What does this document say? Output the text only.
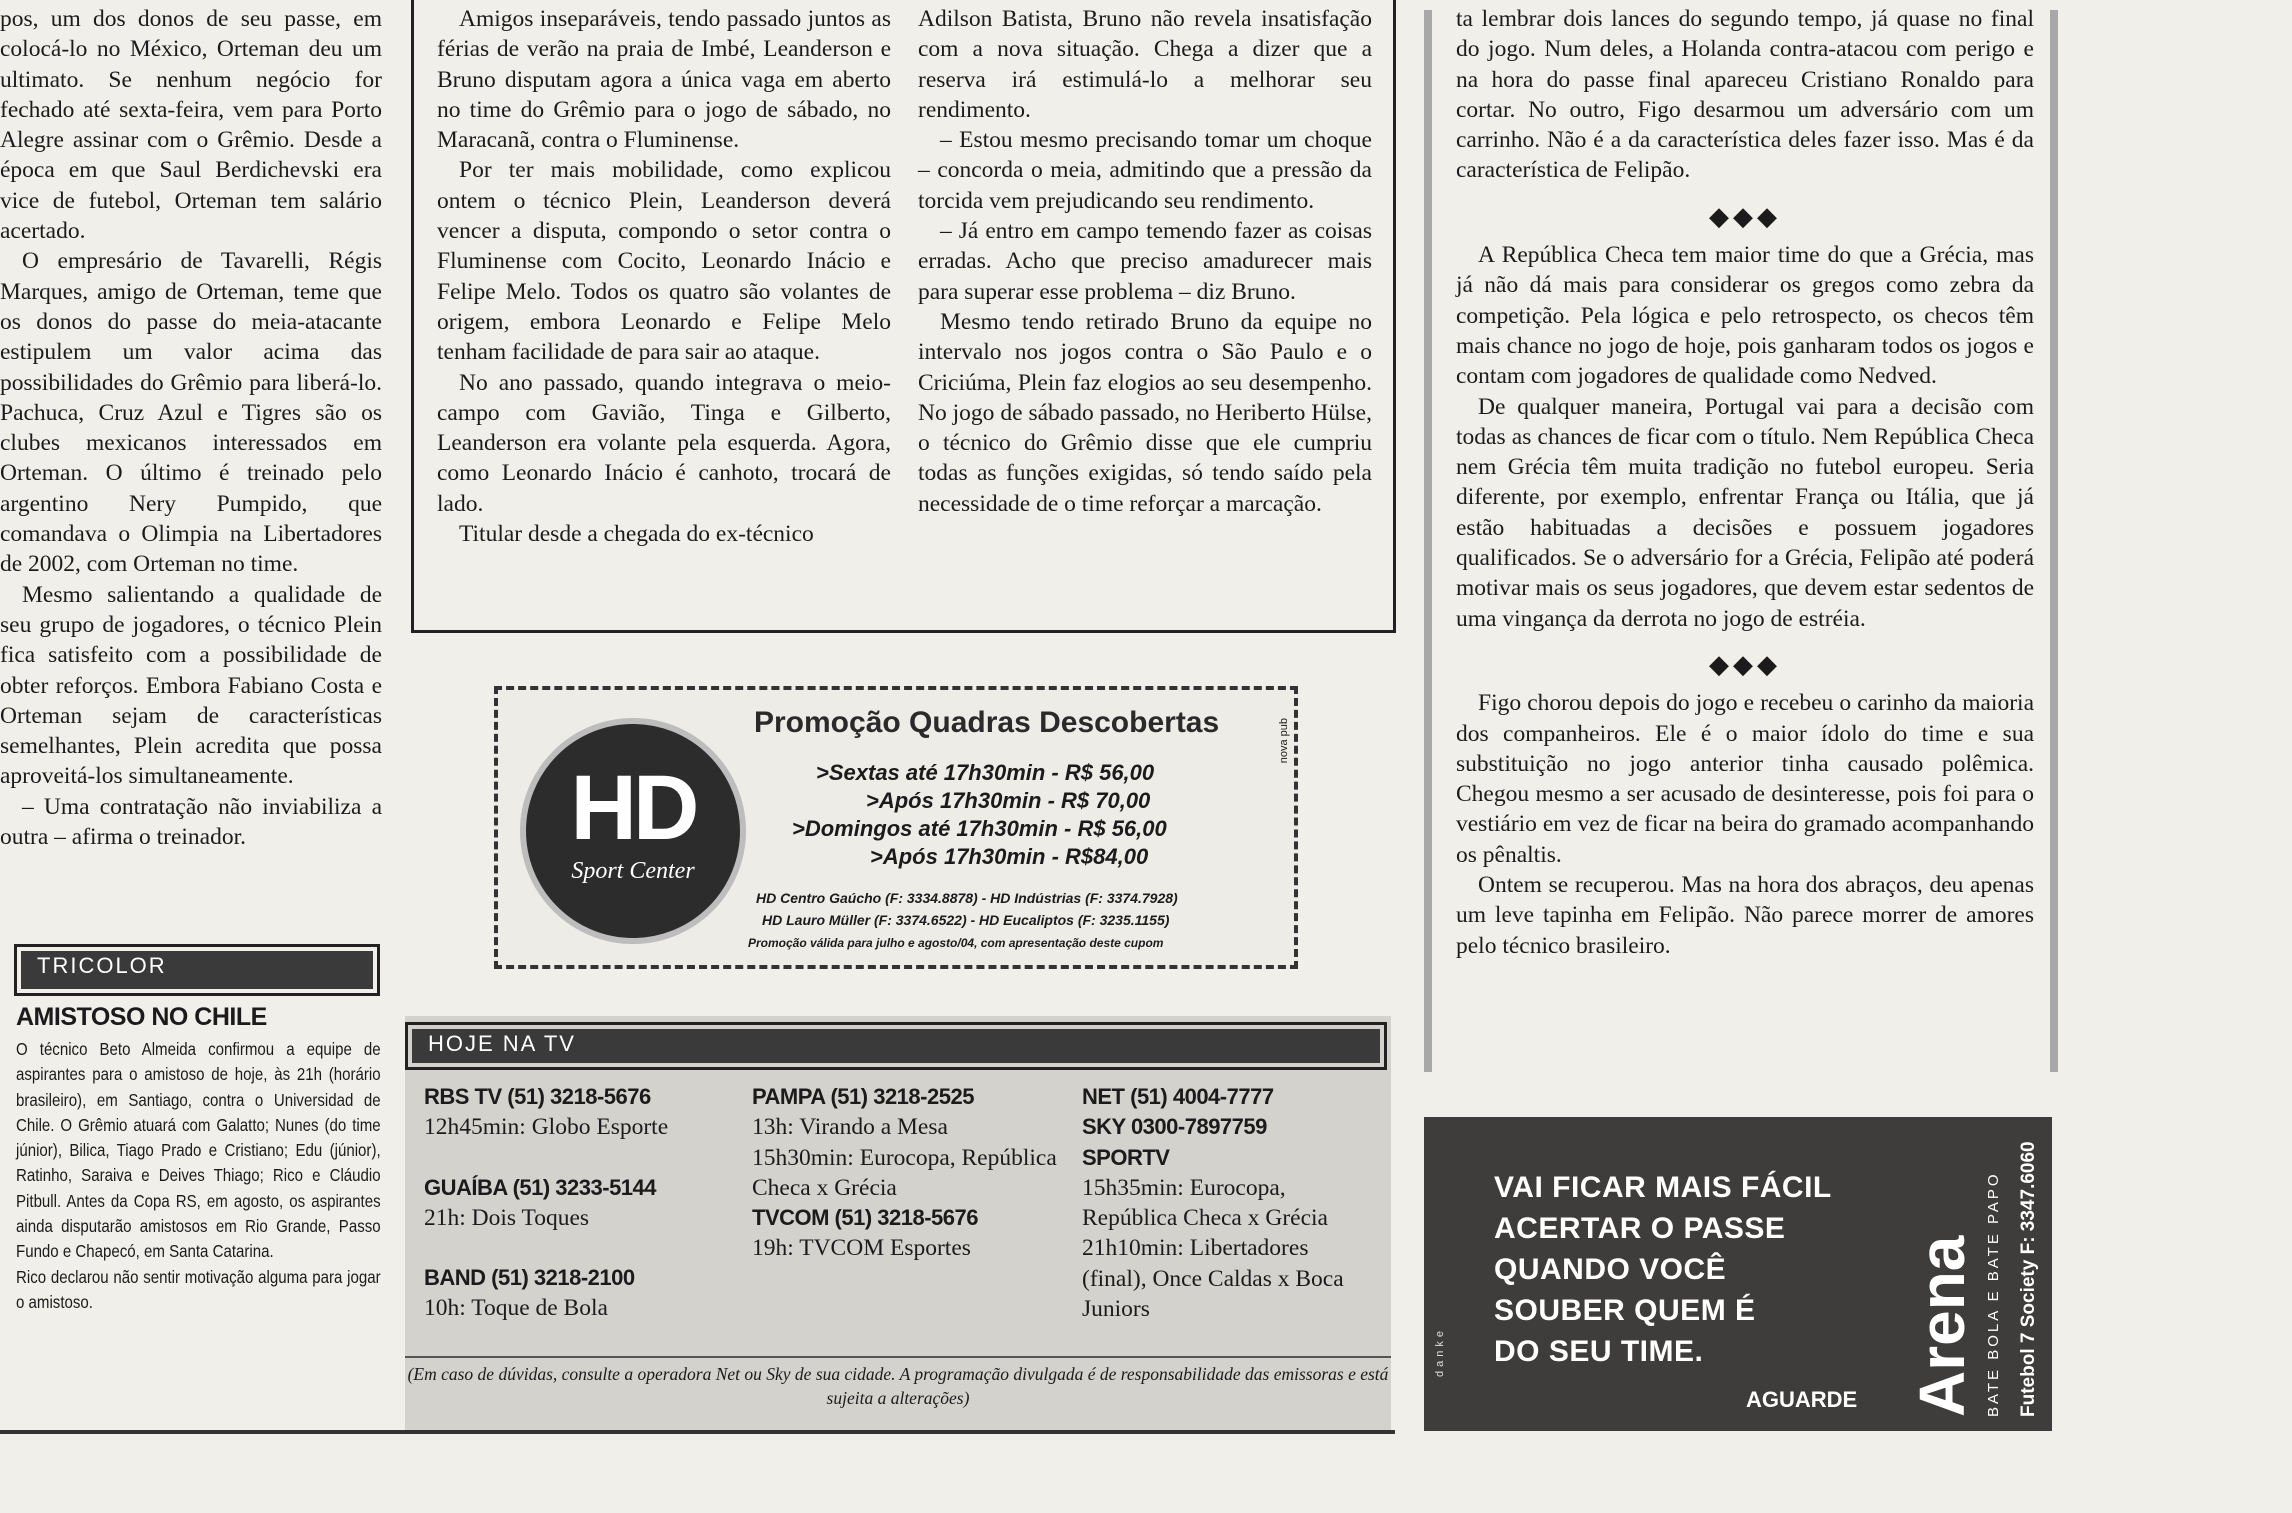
pos, um dos donos de seu passe, em colocá-lo no México, Orteman deu um ultimato. Se nenhum negócio for fechado até sexta-feira, vem para Porto Alegre assinar com o Grêmio. Desde a época em que Saul Berdichevski era vice de futebol, Orteman tem salário acertado.

O empresário de Tavarelli, Régis Marques, amigo de Orteman, teme que os donos do passe do meia-atacante estipulem um valor acima das possibilidades do Grêmio para liberá-lo. Pachuca, Cruz Azul e Tigres são os clubes mexicanos interessados em Orteman. O último é treinado pelo argentino Nery Pumpido, que comandava o Olimpia na Libertadores de 2002, com Orteman no time.

Mesmo salientando a qualidade de seu grupo de jogadores, o técnico Plein fica satisfeito com a possibilidade de obter reforços. Embora Fabiano Costa e Orteman sejam de características semelhantes, Plein acredita que possa aproveitá-los simultaneamente.

– Uma contratação não inviabiliza a outra – afirma o treinador.

TRICOLOR
AMISTOSO NO CHILE

O técnico Beto Almeida confirmou a equipe de aspirantes para o amistoso de hoje, às 21h (horário brasileiro), em Santiago, contra o Universidad de Chile. O Grêmio atuará com Galatto; Nunes (do time júnior), Bilica, Tiago Prado e Cristiano; Edu (júnior), Ratinho, Saraiva e Deives Thiago; Rico e Cláudio Pitbull. Antes da Copa RS, em agosto, os aspirantes ainda disputarão amistosos em Rio Grande, Passo Fundo e Chapecó, em Santa Catarina.

Rico declarou não sentir motivação alguma para jogar o amistoso.

Amigos inseparáveis, tendo passado juntos as férias de verão na praia de Imbé, Leanderson e Bruno disputam agora a única vaga em aberto no time do Grêmio para o jogo de sábado, no Maracanã, contra o Fluminense.

Por ter mais mobilidade, como explicou ontem o técnico Plein, Leanderson deverá vencer a disputa, compondo o setor contra o Fluminense com Cocito, Leonardo Inácio e Felipe Melo. Todos os quatro são volantes de origem, embora Leonardo e Felipe Melo tenham facilidade de para sair ao ataque.

No ano passado, quando integrava o meio-campo com Gavião, Tinga e Gilberto, Leanderson era volante pela esquerda. Agora, como Leonardo Inácio é canhoto, trocará de lado.

Titular desde a chegada do ex-técnico

Adilson Batista, Bruno não revela insatisfação com a nova situação. Chega a dizer que a reserva irá estimulá-lo a melhorar seu rendimento.

– Estou mesmo precisando tomar um choque – concorda o meia, admitindo que a pressão da torcida vem prejudicando seu rendimento.

– Já entro em campo temendo fazer as coisas erradas. Acho que preciso amadurecer mais para superar esse problema – diz Bruno.

Mesmo tendo retirado Bruno da equipe no intervalo nos jogos contra o São Paulo e o Criciúma, Plein faz elogios ao seu desempenho. No jogo de sábado passado, no Heriberto Hülse, o técnico do Grêmio disse que ele cumpriu todas as funções exigidas, só tendo saído pela necessidade de o time reforçar a marcação.

ta lembrar dois lances do segundo tempo, já quase no final do jogo. Num deles, a Holanda contra-atacou com perigo e na hora do passe final apareceu Cristiano Ronaldo para cortar. No outro, Figo desarmou um adversário com um carrinho. Não é a da característica deles fazer isso. Mas é da característica de Felipão.

◆◆◆

A República Checa tem maior time do que a Grécia, mas já não dá mais para considerar os gregos como zebra da competição. Pela lógica e pelo retrospecto, os checos têm mais chance no jogo de hoje, pois ganharam todos os jogos e contam com jogadores de qualidade como Nedved.

De qualquer maneira, Portugal vai para a decisão com todas as chances de ficar com o título. Nem República Checa nem Grécia têm muita tradição no futebol europeu. Seria diferente, por exemplo, enfrentar França ou Itália, que já estão habituadas a decisões e possuem jogadores qualificados. Se o adversário for a Grécia, Felipão até poderá motivar mais os seus jogadores, que devem estar sedentos de uma vingança da derrota no jogo de estréia.

◆◆◆

Figo chorou depois do jogo e recebeu o carinho da maioria dos companheiros. Ele é o maior ídolo do time e sua substituição no jogo anterior tinha causado polêmica. Chegou mesmo a ser acusado de desinteresse, pois foi para o vestiário em vez de ficar na beira do gramado acompanhando os pênaltis.

Ontem se recuperou. Mas na hora dos abraços, deu apenas um leve tapinha em Felipão. Não parece morrer de amores pelo técnico brasileiro.

HD
Sport Center
Promoção Quadras Descobertas
>Sextas até 17h30min - R$ 56,00
>Após 17h30min - R$ 70,00
>Domingos até 17h30min - R$ 56,00
>Após 17h30min - R$84,00
HD Centro Gaúcho (F: 3334.8878) - HD Indústrias (F: 3374.7928)
HD Lauro Müller (F: 3374.6522) - HD Eucaliptos (F: 3235.1155)
Promoção válida para julho e agosto/04, com apresentação deste cupom
nova pub
HOJE NA TV
RBS TV (51) 3218-5676
12h45min: Globo Esporte
GUAÍBA (51) 3233-5144
21h: Dois Toques
BAND (51) 3218-2100
10h: Toque de Bola
PAMPA (51) 3218-2525
13h: Virando a Mesa
15h30min: Eurocopa, República Checa x Grécia
TVCOM (51) 3218-5676
19h: TVCOM Esportes
NET (51) 4004-7777
SKY 0300-7897759
SPORTV
15h35min: Eurocopa, República Checa x Grécia
21h10min: Libertadores (final), Once Caldas x Boca Juniors
(Em caso de dúvidas, consulte a operadora Net ou Sky de sua cidade. A programação divulgada é de responsabilidade das emissoras e está sujeita a alterações)
VAI FICAR MAIS FÁCIL
ACERTAR O PASSE
QUANDO VOCÊ
SOUBER QUEM É
DO SEU TIME.
AGUARDE Arena BATE BOLA E BATE PAPO Futebol 7 Society F: 3347.6060
danke
